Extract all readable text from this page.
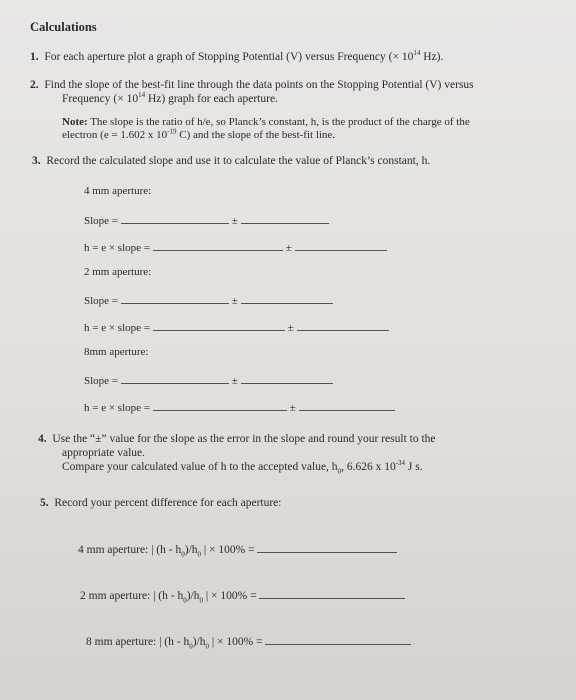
Calculations
1. For each aperture plot a graph of Stopping Potential (V) versus Frequency (× $10^{14}$ Hz).
2. Find the slope of the best-fit line through the data points on the Stopping Potential (V) versus
Frequency (× $10^{14}$ Hz) graph for each aperture.
Note: The slope is the ratio of h/e, so Planck’s constant, h, is the product of the charge of the
electron (e = 1.602 x $10^{-19}$ C) and the slope of the best-fit line.
3. Record the calculated slope and use it to calculate the value of Planck’s constant, h.
4 mm aperture:
Slope =	±
h = e × slope =	±
2 mm aperture:
Slope =	±
h = e × slope =	±
8mm aperture:
Slope =	±
h = e × slope =	±
4. Use the “±” value for the slope as the error in the slope and round your result to the
appropriate value.
Compare your calculated value of h to the accepted value, $h_0$, 6.626 x $10^{-34}$ J s.
5. Record your percent difference for each aperture:
4 mm aperture: | $(h - h_0)/h_0$ | × 100% =
2 mm aperture: | $(h - h_0)/h_0$ | × 100% =
8 mm aperture: | $(h - h_0)/h_0$ | × 100% =
